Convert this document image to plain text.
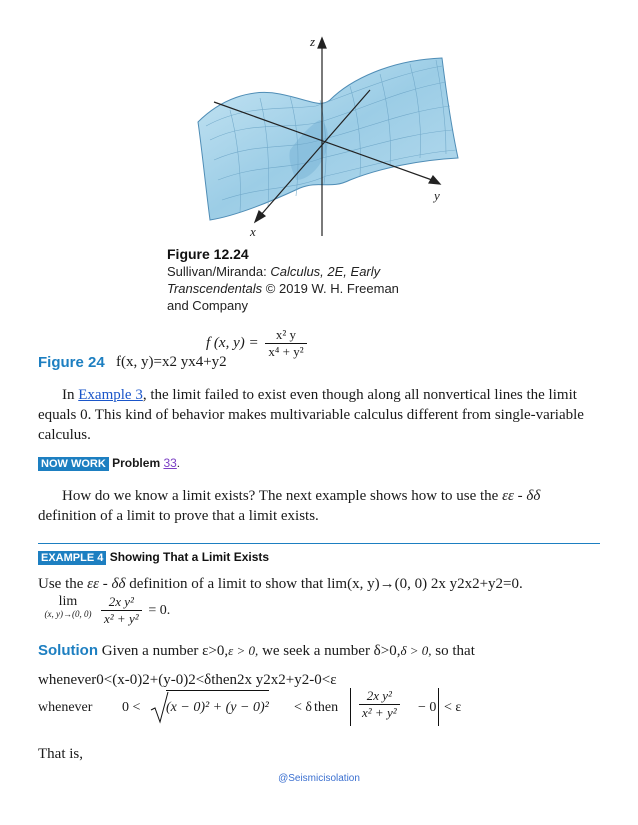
z
y
x
Figure 12.24
Sullivan/Miranda: Calculus, 2E, Early
Transcendentals © 2019 W. H. Freeman
and Company
f (x, $y) = \frac{\text{x² y}}{\text{x⁴ + y²}}$
Figure 24 f(x, y)=x2 yx4+y2
In Example 3, the limit failed to exist even though along all nonvertical lines the limit equals 0. This kind of behavior makes multivariable calculus different from single-variable calculus.
NOW WORK Problem 33.
How do we know a limit exists? The next example shows how to use the εε - δδ definition of a limit to prove that a limit exists.
EXAMPLE 4 Showing That a Limit Exists
Use the εε - δδ definition of a limit to show that lim(x, y)→(0, 0) 2x y2x2+y2=0.
lim
(x, y)→(0, $0) \frac{\text{2x y²}}{\text{x² + y²}} = 0$.
Solution Given a number ε>0,ε > 0, we seek a number δ>0,δ > 0, so that
whenever0<(x-0)2+(y-0)2<δthen2x y2x2+y2-0<ε
whenever 0 < (x − 0)² + (y − 0)² < δ then $\frac{\text{2x y²}}{\text{x² + y²}} - 0 < \varepsilon$
That is,
@Seismicisolation
